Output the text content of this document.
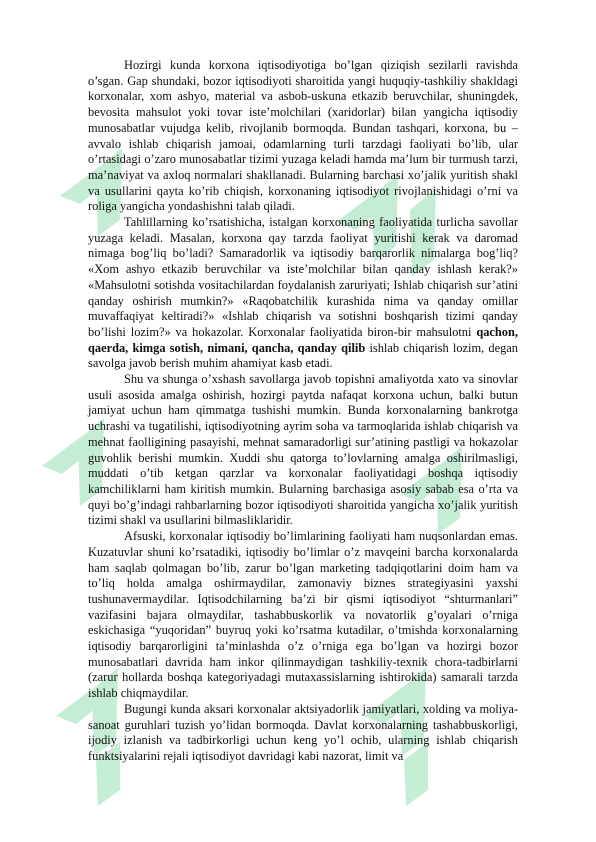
Hozirgi kunda korxona iqtisodiyotiga bo’lgan qiziqish sezilarli ravishda o’sgan. Gap shundaki, bozor iqtisodiyoti sharoitida yangi huquqiy-tashkiliy shakldagi korxonalar, xom ashyo, material va asbob-uskuna etkazib beruvchilar, shuningdek, bevosita mahsulot yoki tovar iste’molchilari (xaridorlar) bilan yangicha iqtisodiy munosabatlar vujudga kelib, rivojlanib bormoqda. Bundan tashqari, korxona, bu – avvalo ishlab chiqarish jamoai, odamlarning turli tarzdagi faoliyati bo’lib, ular o’rtasidagi o’zaro munosabatlar tizimi yuzaga keladi hamda ma’lum bir turmush tarzi, ma’naviyat va axloq normalari shakllanadi. Bularning barchasi xo’jalik yuritish shakl va usullarini qayta ko’rib chiqish, korxonaning iqtisodiyot rivojlanishidagi o’rni va roliga yangicha yondashishni talab qiladi.

Tahlillarning ko’rsatishicha, istalgan korxonaning faoliyatida turlicha savollar yuzaga keladi. Masalan, korxona qay tarzda faoliyat yuritishi kerak va daromad nimaga bog’liq bo’ladi? Samaradorlik va iqtisodiy barqarorlik nimalarga bog’liq? «Xom ashyo etkazib beruvchilar va iste’molchilar bilan qanday ishlash kerak?» «Mahsulotni sotishda vositachilardan foydalanish zaruriyati; Ishlab chiqarish sur’atini qanday oshirish mumkin?» «Raqobatchilik kurashida nima va qanday omillar muvaffaqiyat keltiradi?» «Ishlab chiqarish va sotishni boshqarish tizimi qanday bo’lishi lozim?» va hokazolar. Korxonalar faoliyatida biron-bir mahsulotni qachon, qaerda, kimga sotish, nimani, qancha, qanday qilib ishlab chiqarish lozim, degan savolga javob berish muhim ahamiyat kasb etadi.

Shu va shunga o’xshash savollarga javob topishni amaliyotda xato va sinovlar usuli asosida amalga oshirish, hozirgi paytda nafaqat korxona uchun, balki butun jamiyat uchun ham qimmatga tushishi mumkin. Bunda korxonalarning bankrotga uchrashi va tugatilishi, iqtisodiyotning ayrim soha va tarmoqlarida ishlab chiqarish va mehnat faolligining pasayishi, mehnat samaradorligi sur’atining pastligi va hokazolar guvohlik berishi mumkin. Xuddi shu qatorga to’lovlarning amalga oshirilmasligi, muddati o’tib ketgan qarzlar va korxonalar faoliyatidagi boshqa iqtisodiy kamchiliklarni ham kiritish mumkin. Bularning barchasiga asosiy sabab esa o’rta va quyi bo’g’indagi rahbarlarning bozor iqtisodiyoti sharoitida yangicha xo’jalik yuritish tizimi shakl va usullarini bilmasliklaridir.

Afsuski, korxonalar iqtisodiy bo’limlarining faoliyati ham nuqsonlardan emas. Kuzatuvlar shuni ko’rsatadiki, iqtisodiy bo’limlar o’z mavqeini barcha korxonalarda ham saqlab qolmagan bo’lib, zarur bo’lgan marketing tadqiqotlarini doim ham va to’liq holda amalga oshirmaydilar, zamonaviy biznes strategiyasini yaxshi tushunavermaydilar. Iqtisodchilarning ba’zi bir qismi iqtisodiyot “shturmanlari” vazifasini bajara olmaydilar, tashabbuskorlik va novatorlik g’oyalari o’rniga eskichasiga “yuqoridan” buyruq yoki ko’rsatma kutadilar, o’tmishda korxonalarning iqtisodiy barqarorligini ta’minlashda o’z o’rniga ega bo’lgan va hozirgi bozor munosabatlari davrida ham inkor qilinmaydigan tashkiliy-texnik chora-tadbirlarni (zarur hollarda boshqa kategoriyadagi mutaxassislarning ishtirokida) samarali tarzda ishlab chiqmaydilar.

Bugungi kunda aksari korxonalar aktsiyadorlik jamiyatlari, xolding va moliya-sanoat guruhlari tuzish yo’lidan bormoqda. Davlat korxonalarning tashabbuskorligi, ijodiy izlanish va tadbirkorligi uchun keng yo’l ochib, ularning ishlab chiqarish funktsiyalarini rejali iqtisodiyot davridagi kabi nazorat, limit va
